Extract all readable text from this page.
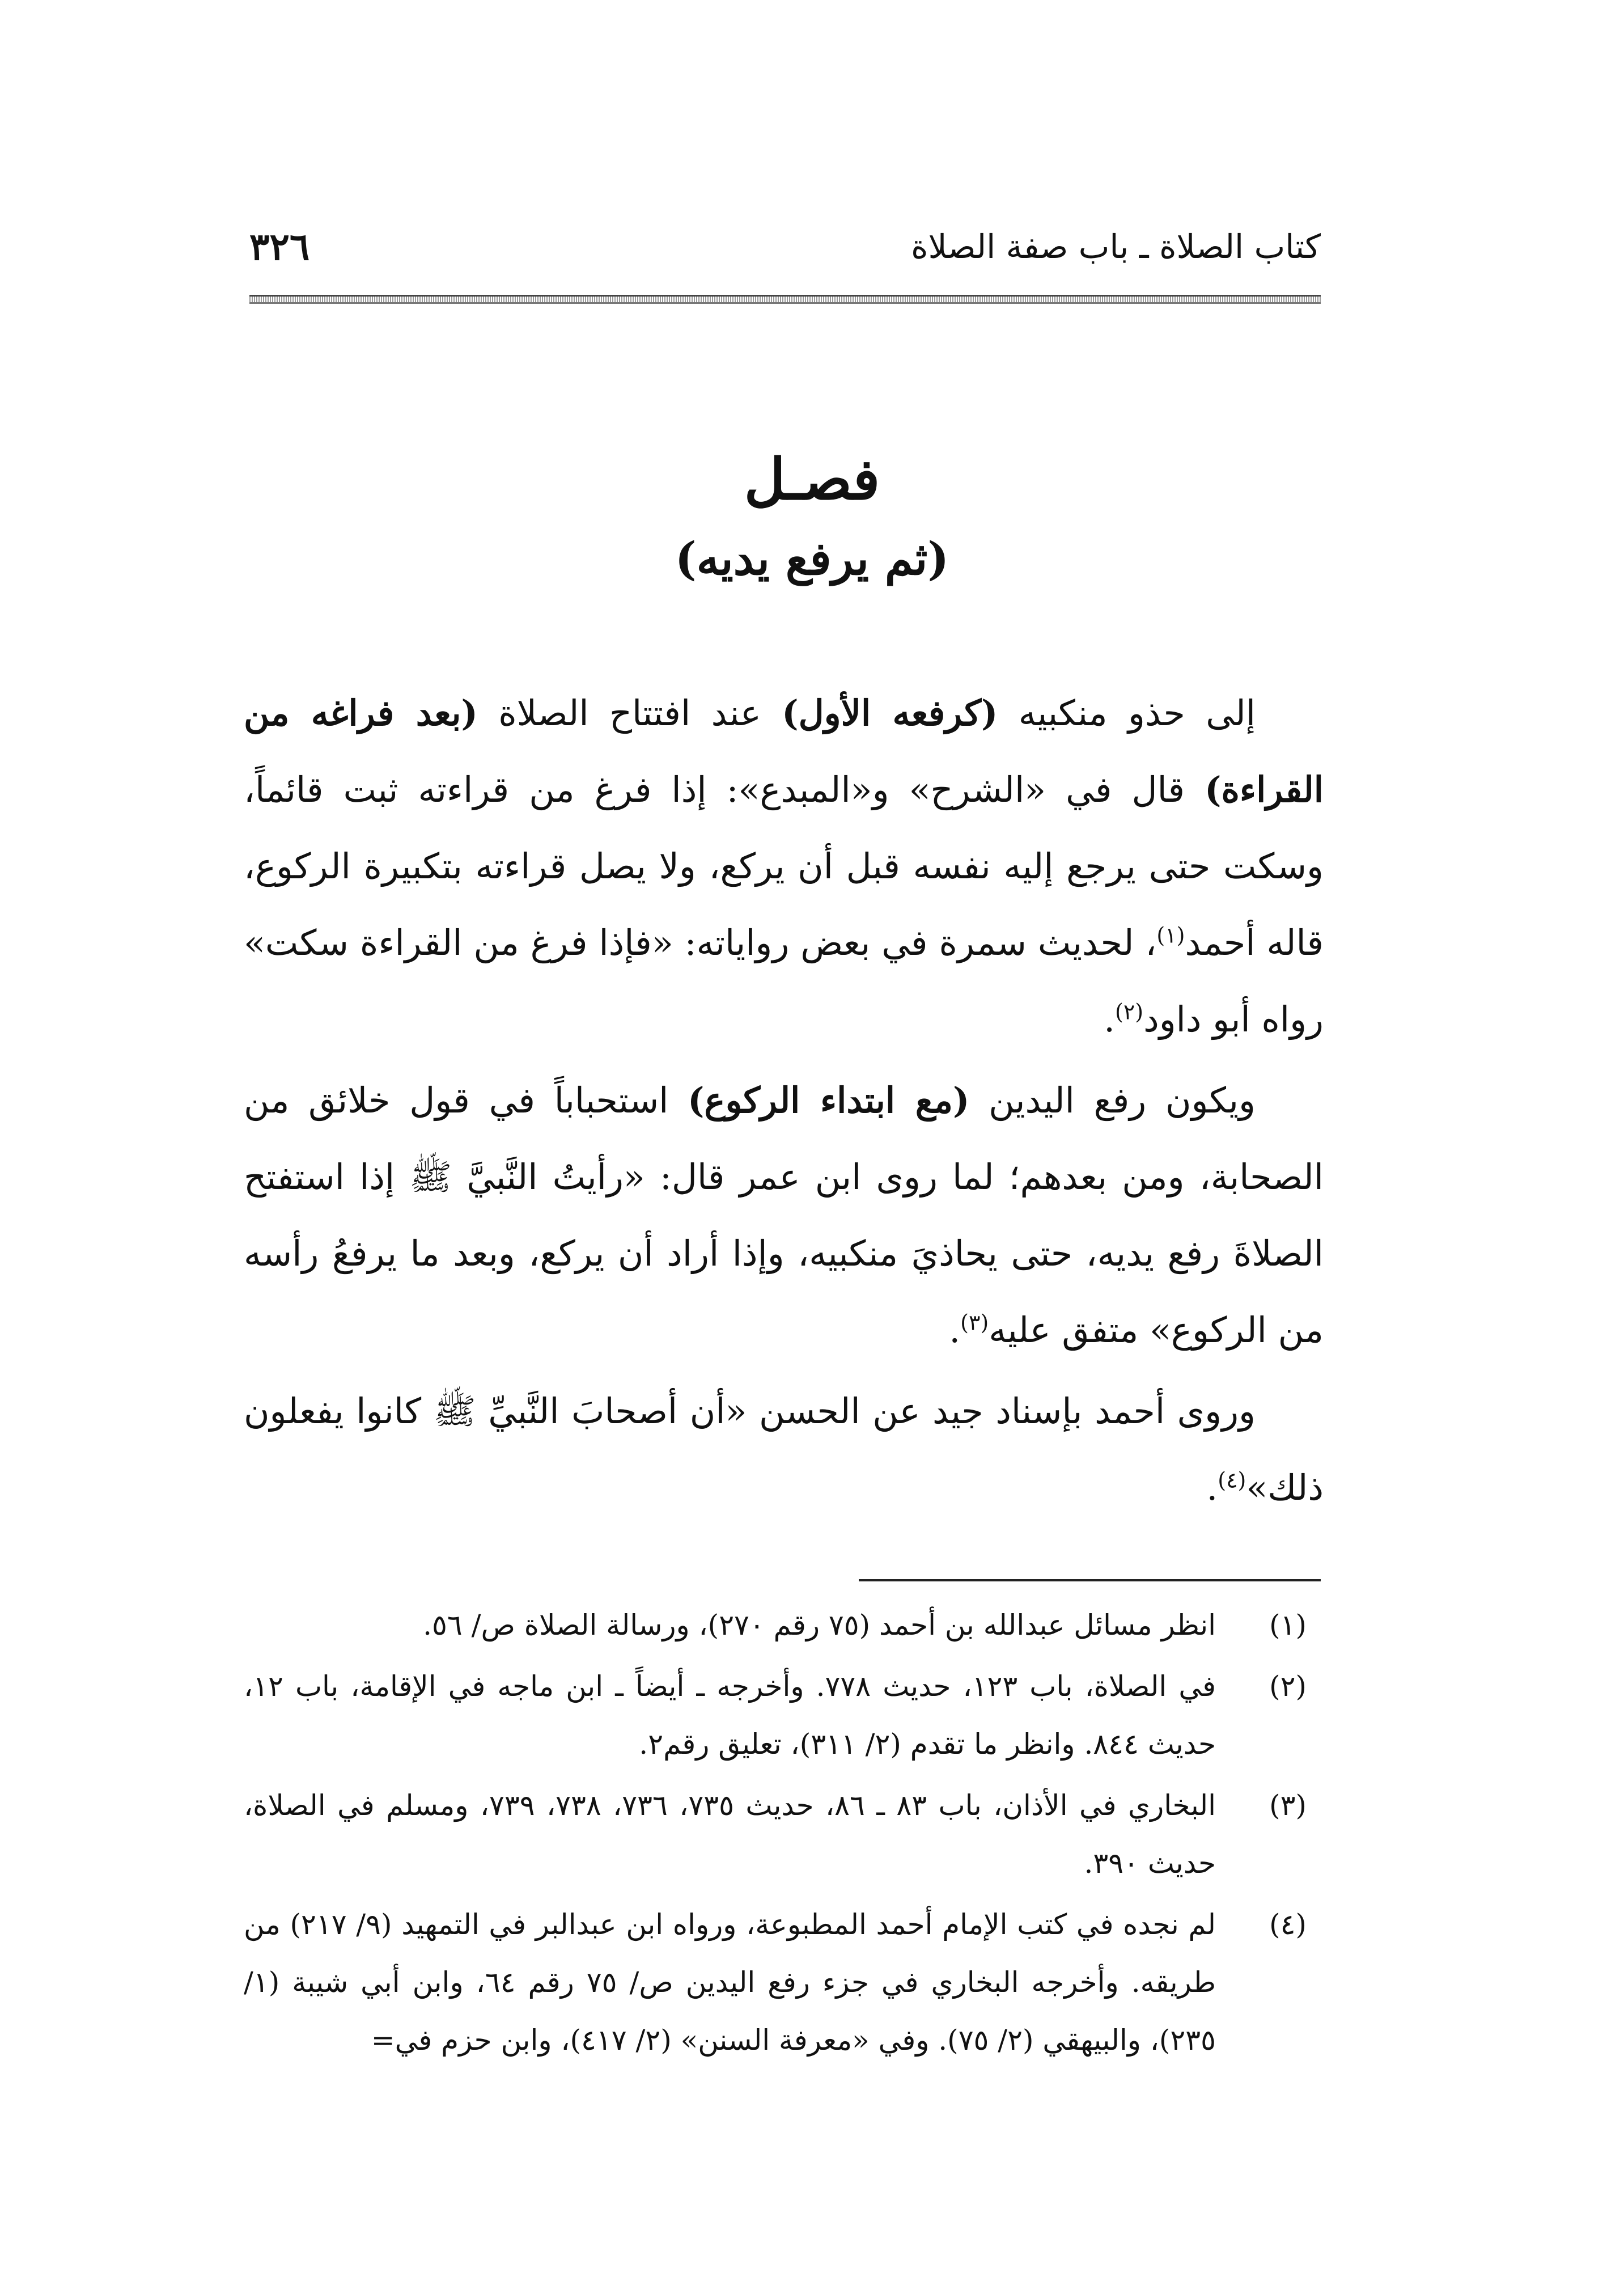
كتاب الصلاة ـ باب صفة الصلاة
٣٢٦
فصـل
(ثم يرفع يديه)

إلى حذو منكبيه (كرفعه الأول) عند افتتاح الصلاة (بعد فراغه من القراءة) قال في «الشرح» و«المبدع»: إذا فرغ من قراءته ثبت قائماً، وسكت حتى يرجع إليه نفسه قبل أن يركع، ولا يصل قراءته بتكبيرة الركوع، قاله أحمد$^{(١)}$، لحديث سمرة في بعض رواياته: «فإذا فرغ من القراءة سكت» رواه أبو داود$^{(٢)}$.

ويكون رفع اليدين (مع ابتداء الركوع) استحباباً في قول خلائق من الصحابة، ومن بعدهم؛ لما روى ابن عمر قال: «رأيتُ النَّبيَّ ﷺ إذا استفتح الصلاةَ رفع يديه، حتى يحاذيَ منكبيه، وإذا أراد أن يركع، وبعد ما يرفعُ رأسه من الركوع» متفق عليه$^{(٣)}$.

وروى أحمد بإسناد جيد عن الحسن «أن أصحابَ النَّبيِّ ﷺ كانوا يفعلون ذلك»$^{(٤)}$.

(١)
انظر مسائل عبدالله بن أحمد (٧٥ رقم ٢٧٠)، ورسالة الصلاة ص/ ٥٦.
(٢)
في الصلاة، باب ١٢٣، حديث ٧٧٨. وأخرجه ـ أيضاً ـ ابن ماجه في الإقامة، باب ١٢، حديث ٨٤٤. وانظر ما تقدم (٢/ ٣١١)، تعليق رقم٢.
(٣)
البخاري في الأذان، باب ٨٣ ـ ٨٦، حديث ٧٣٥، ٧٣٦، ٧٣٨، ٧٣٩، ومسلم في الصلاة، حديث ٣٩٠.
(٤)
لم نجده في كتب الإمام أحمد المطبوعة، ورواه ابن عبدالبر في التمهيد (٩/ ٢١٧) من طريقه. وأخرجه البخاري في جزء رفع اليدين ص/ ٧٥ رقم ٦٤، وابن أبي شيبة (١/ ٢٣٥)، والبيهقي (٢/ ٧٥). وفي «معرفة السنن» (٢/ ٤١٧)، وابن حزم في=
